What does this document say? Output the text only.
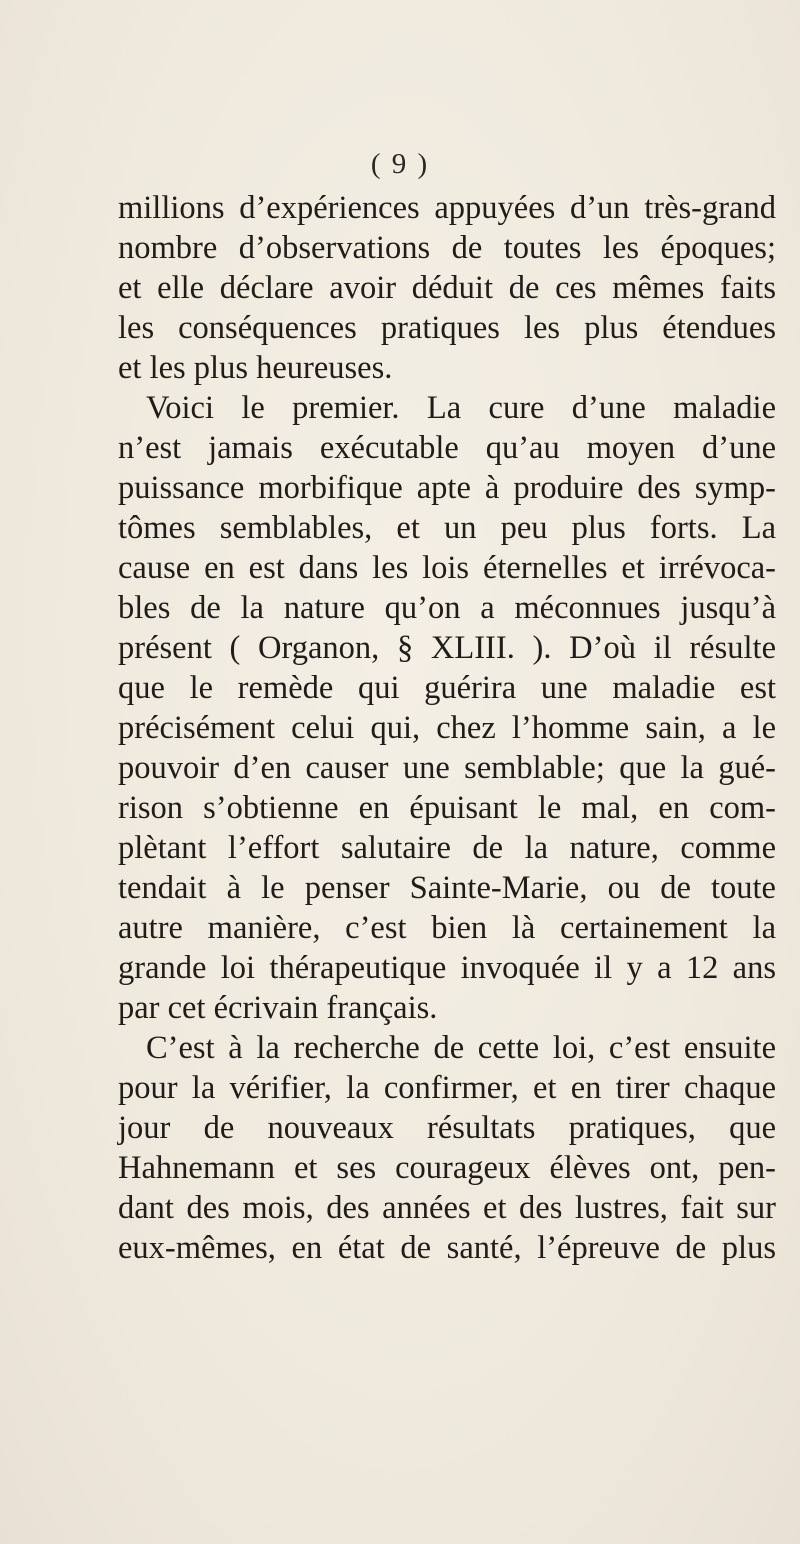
( 9 )
millions d’expériences appuyées d’un très-grand
nombre d’observations de toutes les époques;
et elle déclare avoir déduit de ces mêmes faits
les conséquences pratiques les plus étendues
et les plus heureuses.
Voici le premier. La cure d’une maladie
n’est jamais exécutable qu’au moyen d’une
puissance morbifique apte à produire des symp-
tômes semblables, et un peu plus forts. La
cause en est dans les lois éternelles et irrévoca-
bles de la nature qu’on a méconnues jusqu’à
présent ( Organon, § XLIII. ). D’où il résulte
que le remède qui guérira une maladie est
précisément celui qui, chez l’homme sain, a le
pouvoir d’en causer une semblable; que la gué-
rison s’obtienne en épuisant le mal, en com-
plètant l’effort salutaire de la nature, comme
tendait à le penser Sainte-Marie, ou de toute
autre manière, c’est bien là certainement la
grande loi thérapeutique invoquée il y a 12 ans
par cet écrivain français.
C’est à la recherche de cette loi, c’est ensuite
pour la vérifier, la confirmer, et en tirer chaque
jour de nouveaux résultats pratiques, que
Hahnemann et ses courageux élèves ont, pen-
dant des mois, des années et des lustres, fait sur
eux-mêmes, en état de santé, l’épreuve de plus
